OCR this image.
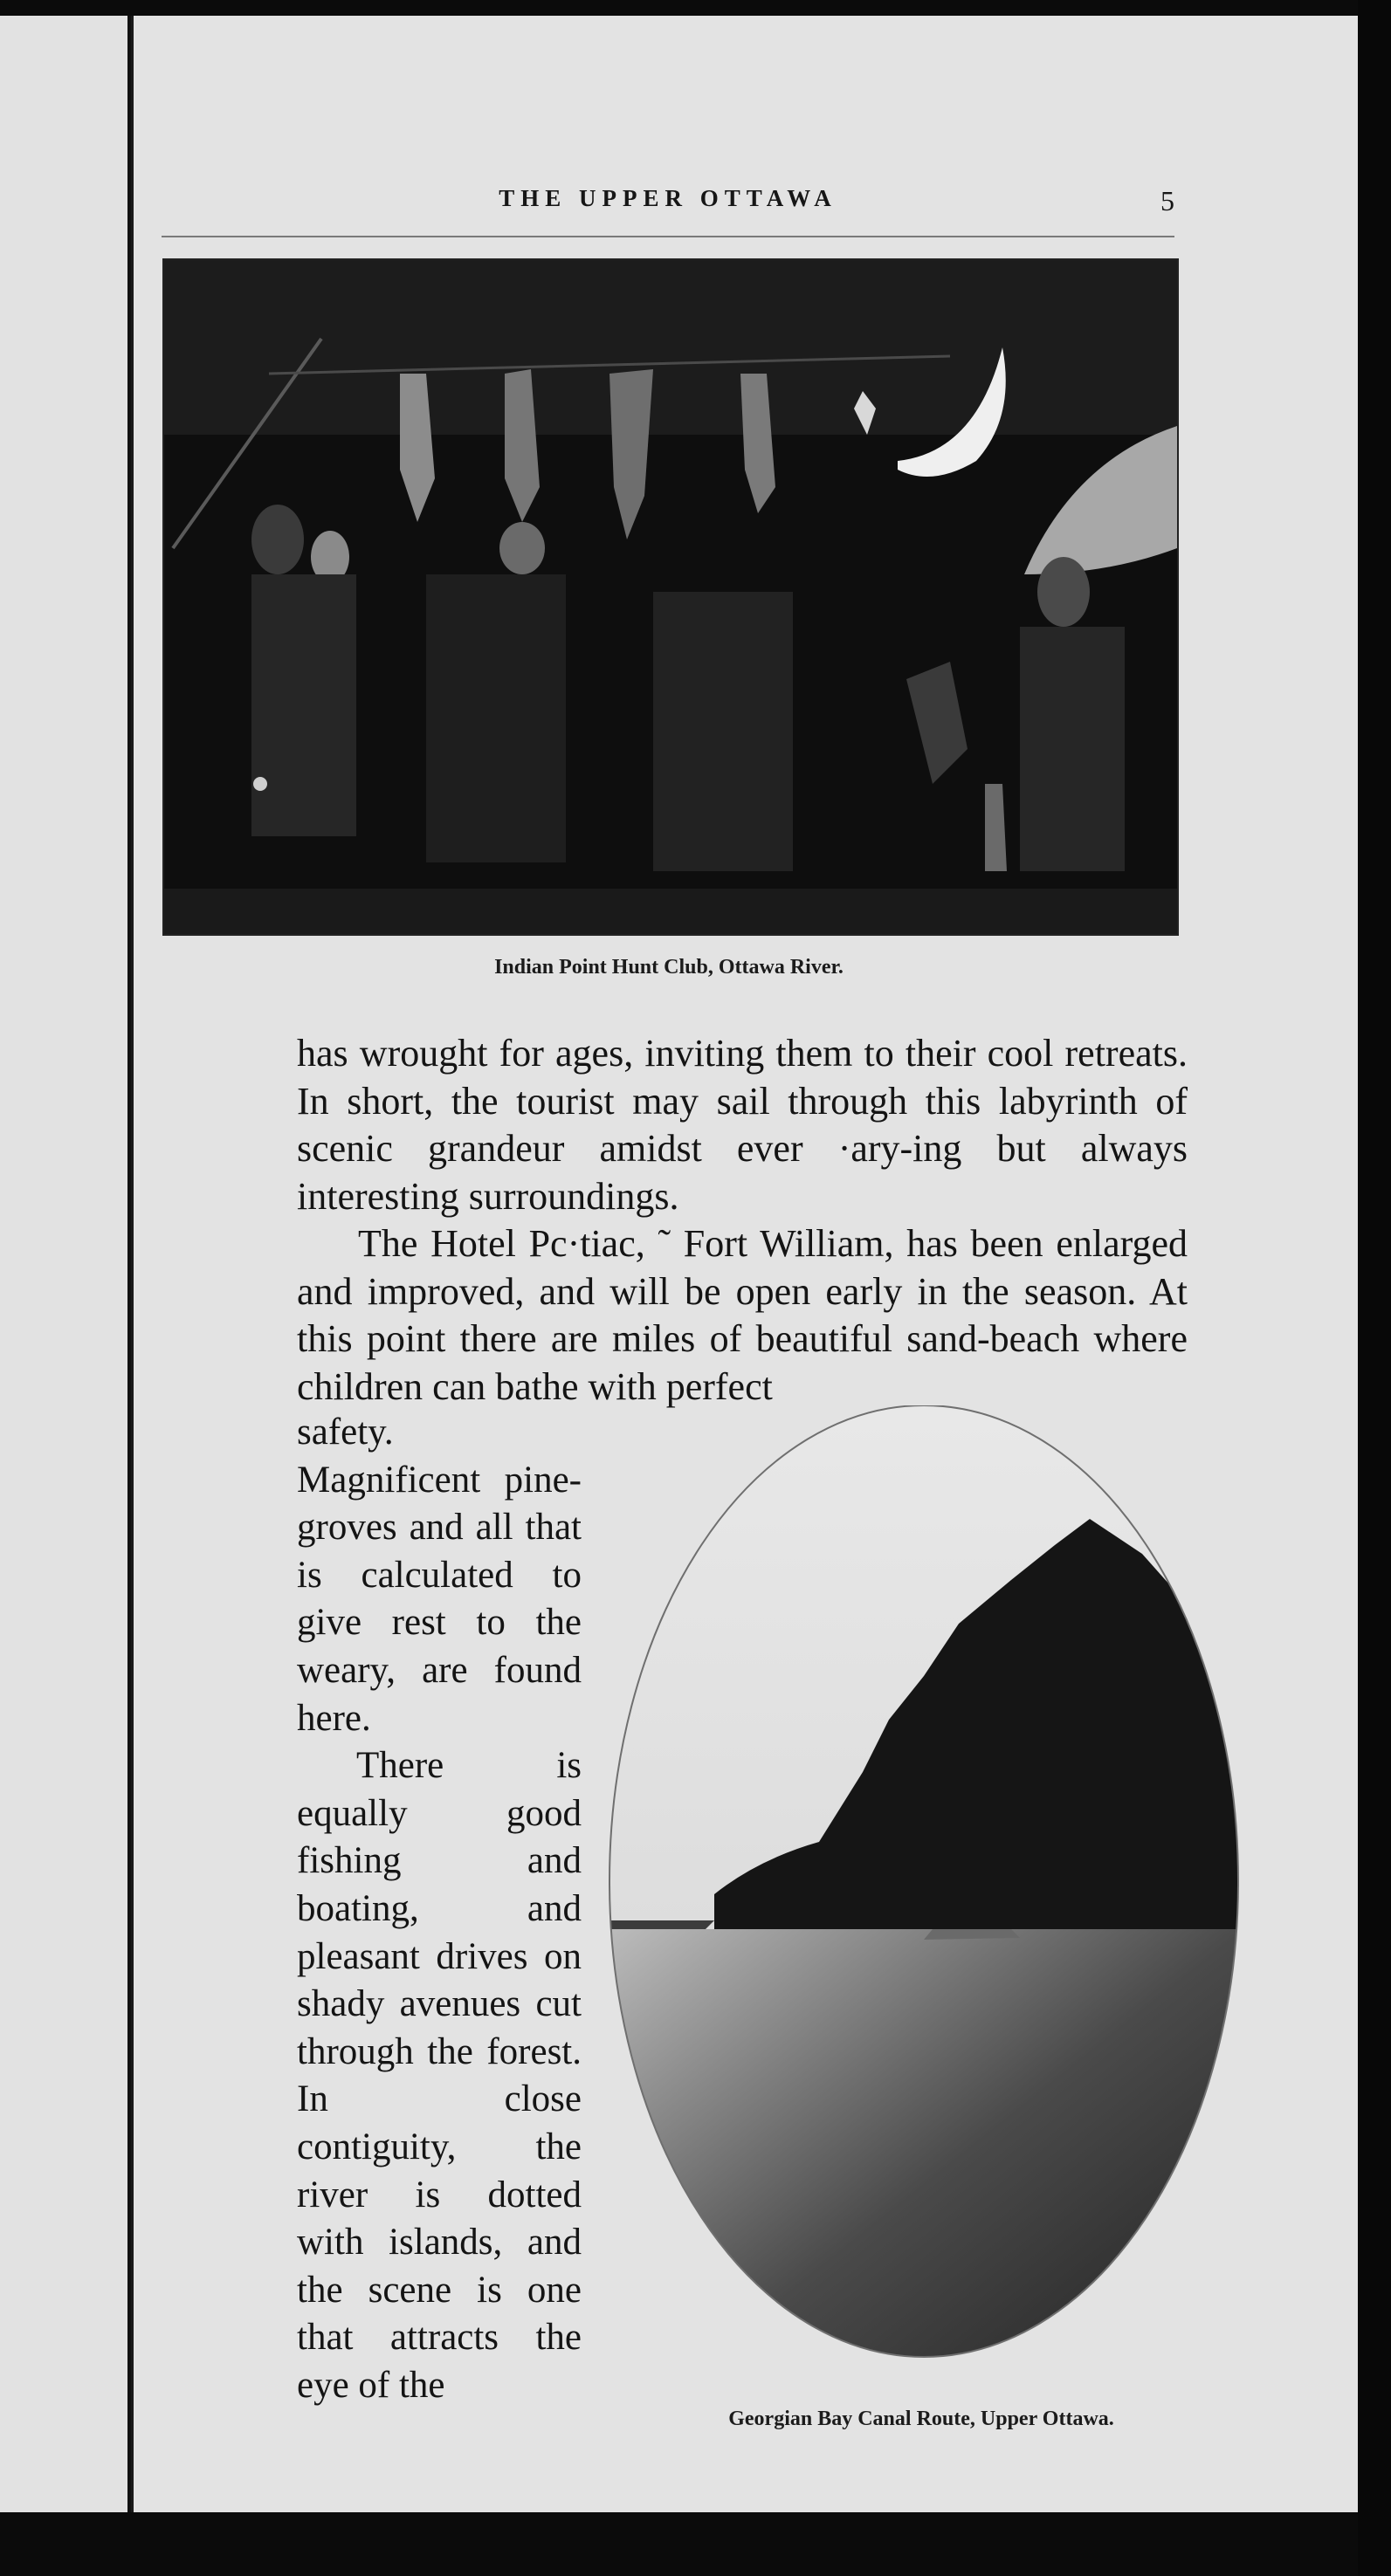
THE UPPER OTTAWA	5
Indian Point Hunt Club, Ottawa River.

has wrought for ages, inviting them to their cool retreats. In short, the tourist may sail through this labyrinth of scenic grandeur amidst ever ·ary-ing but always interesting surroundings.

The Hotel Pc·tiac, ˜ Fort William, has been enlarged and improved, and will be open early in the season. At this point there are miles of beautiful sand-beach where children can bathe with perfect

safety. Magnificent pine-groves and all that is calculated to give rest to the weary, are found here.

There is equally good fishing and boating, and pleasant drives on shady avenues cut through the forest. In close contiguity, the river is dotted with islands, and the scene is one that attracts the eye of the

Georgian Bay Canal Route, Upper Ottawa.
